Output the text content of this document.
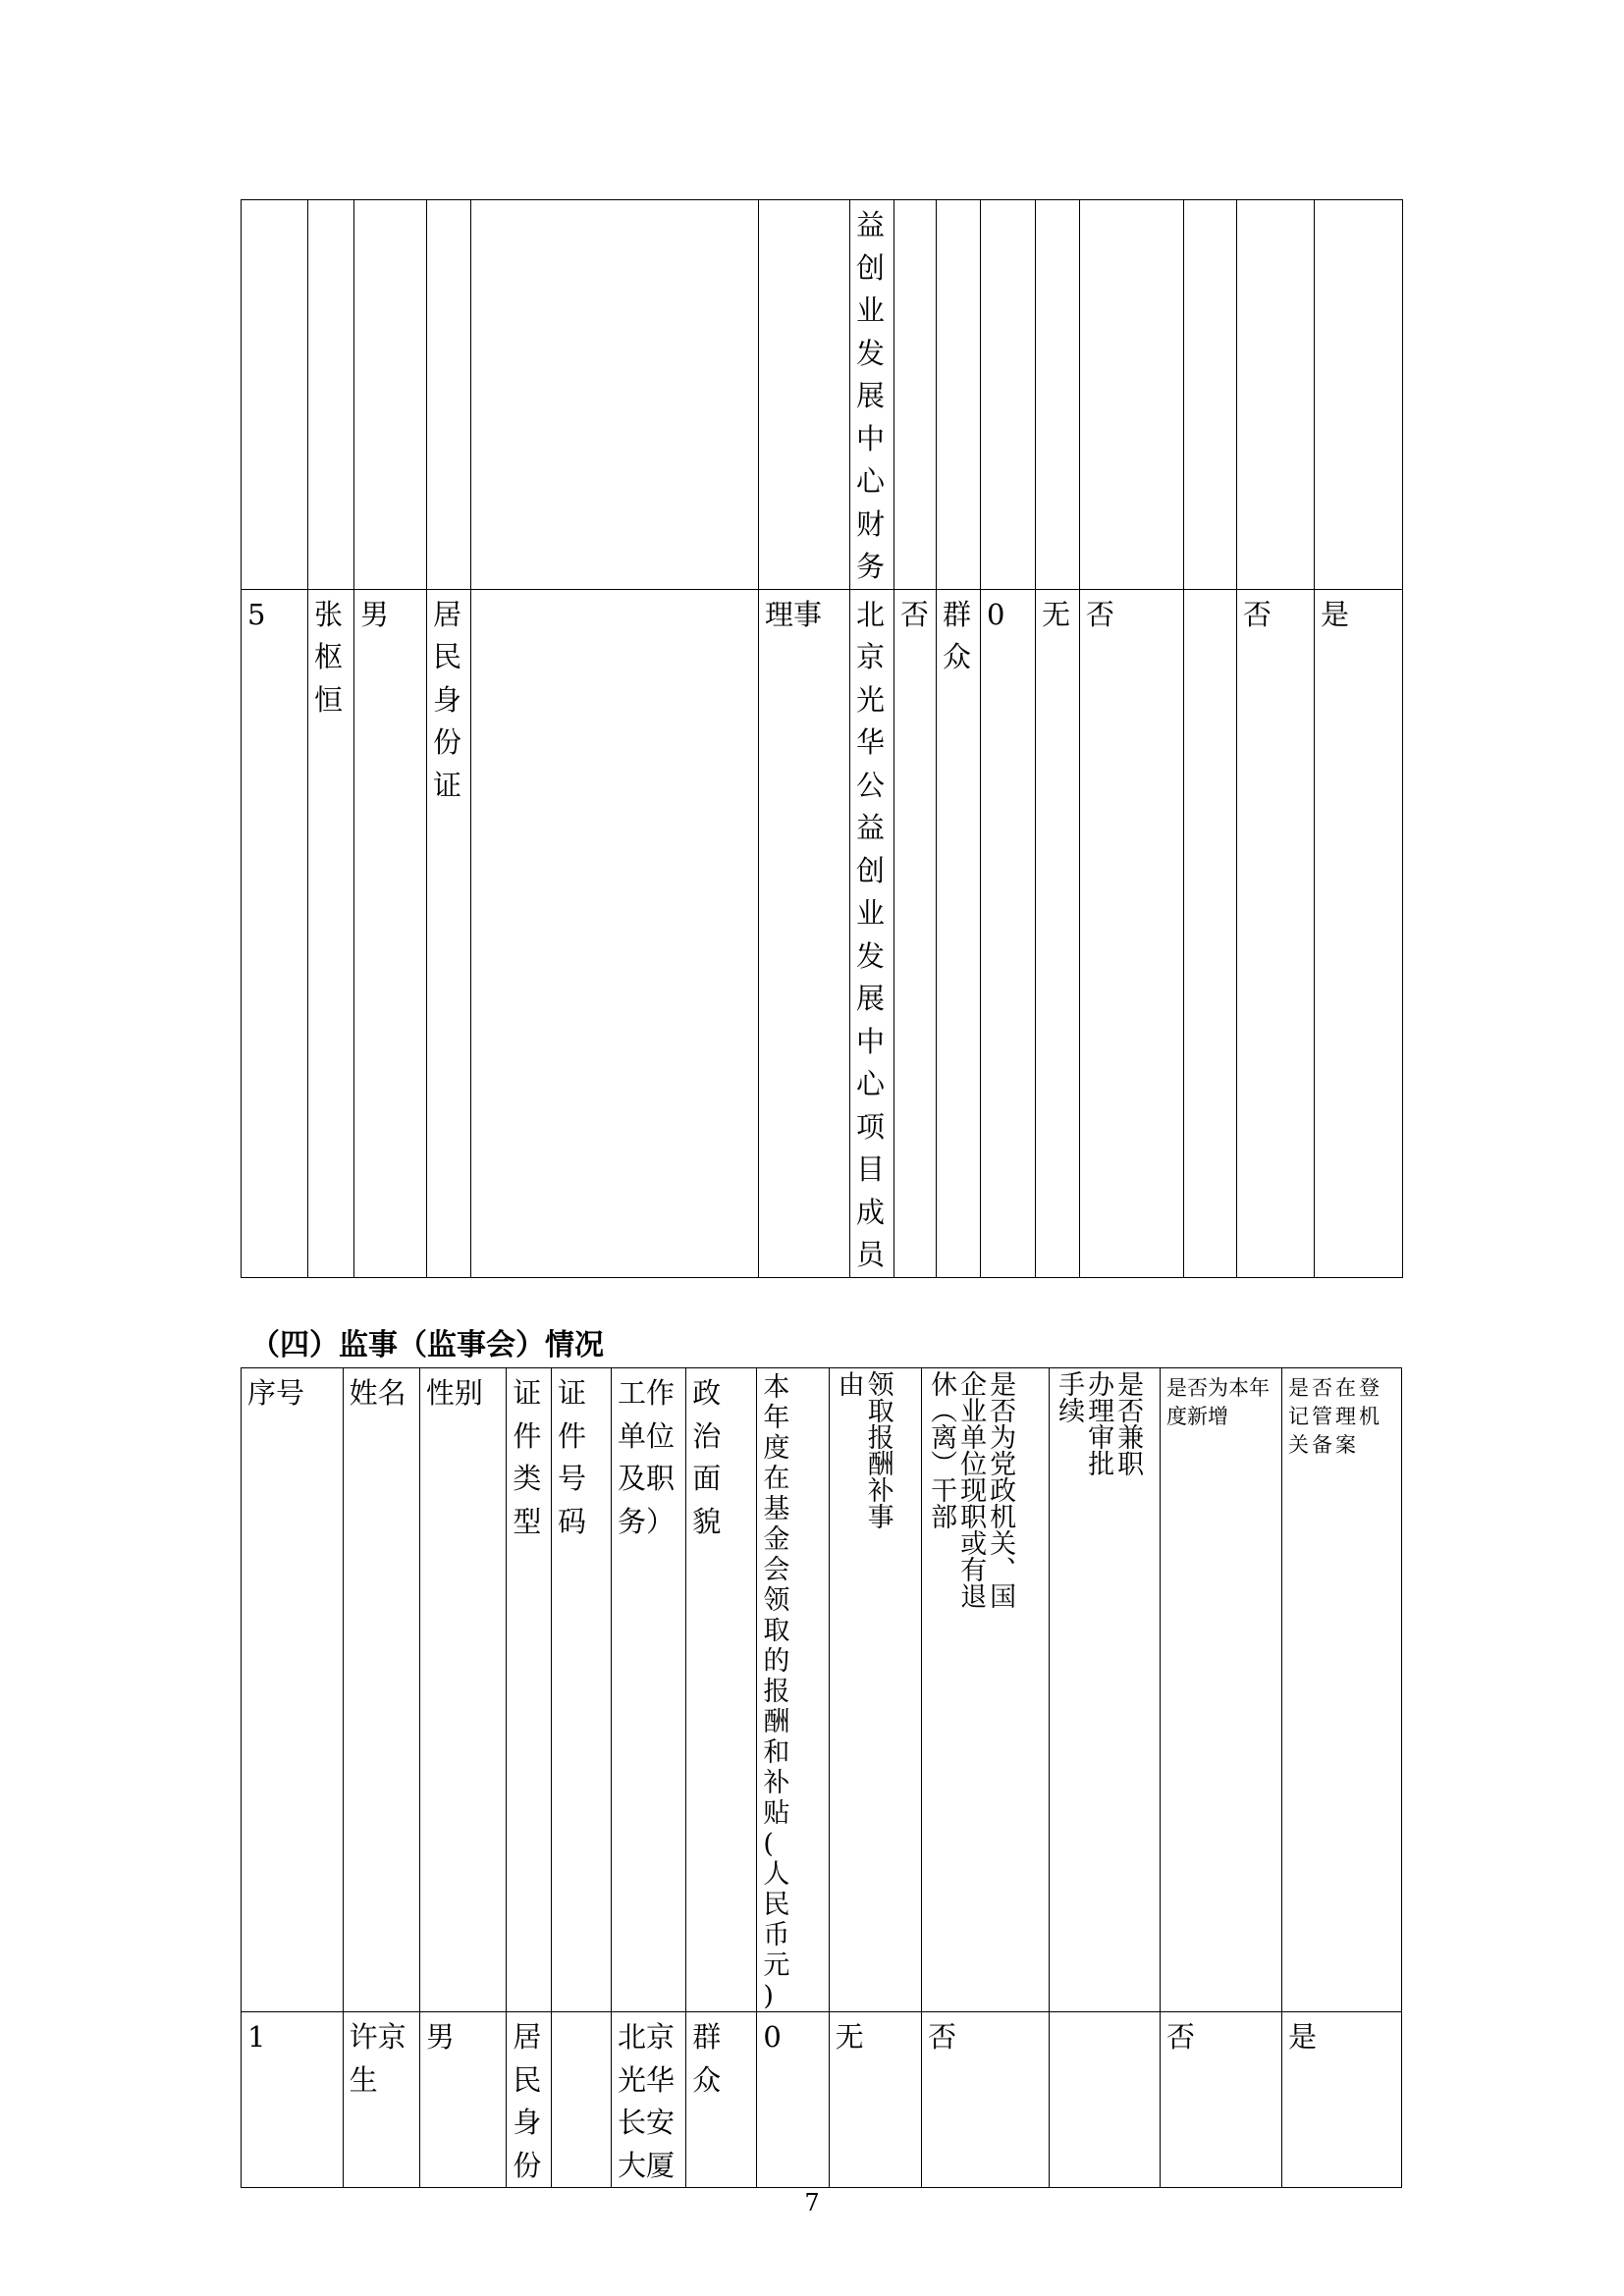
						益创业发展中心财务								

5	张枢恒	男	居民身份证		理事	北京光华公益创业发展中心项目成员	否	群众	0	无	否		否	是
（四）监事（监事会）情况
序号	姓名	性别	证件类型	证件号码	工作单位及职务）	政治面貌	本年度在基金会领取的报酬和补贴(人民币元)	领取报酬补事由	是否为党政机关、国企业单位现职或有退休（离）干部	是否兼职办理审批手续	是否为本年度新增	是否在登记管理机关备案

1	许京生	男	居民身份		北京光华长安大厦	群众	0	无	否		否	是
7
